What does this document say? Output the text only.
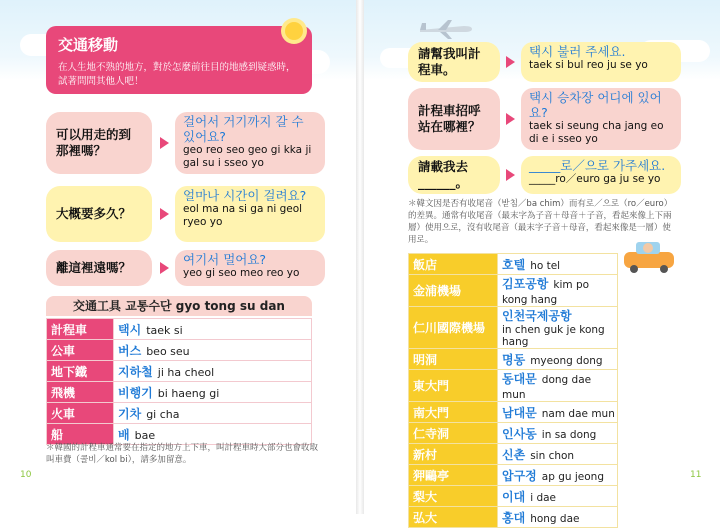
交通移動
在人生地不熟的地方，對於怎麼前往目的地感到疑惑時，試著問問其他人吧！
可以用走的到那裡嗎？
걸어서 거기까지 갈 수 있어요?
geo reo seo geo gi kka ji gal su i sseo yo
大概要多久？
얼마나 시간이 걸려요?
eol ma na si ga ni geol ryeo yo
離這裡遠嗎？
여기서 멀어요?
yeo gi seo meo reo yo
交通工具 교통수단 gyo tong su dan
計程車	택시 taek si
公車	버스 beo seu
地下鐵	지하철 ji ha cheol
飛機	비행기 bi haeng gi
火車	기차 gi cha
船	배 bae
＊韓國的計程車通常要在指定的地方上下車，叫計程車時大部分也會收取叫車費（콜비／kol bi），請多加留意。
10
請幫我叫計程車。
택시 불러 주세요.
taek si bul reo ju se yo
計程車招呼站在哪裡？
택시 승차장 어디에 있어요?
taek si seung cha jang eo di e i sseo yo
請載我去______。
_____로／으로 가주세요.
_____ro／euro ga ju se yo
＊韓文因是否有收尾音（받침／ba chim）而有로／으로（ro／euro）的差異。通常有收尾音（最末字為子音＋母音＋子音，看起來像上下兩層）使用으로，沒有收尾音（最末字子音＋母音，看起來像是一層）使用로。
飯店	호텔 ho tel
金浦機場	김포공항 kim po kong hang
仁川國際機場	인천국제공항
in chen guk je kong hang

明洞	명동 myeong dong
東大門	동대문 dong dae mun
南大門	남대문 nam dae mun
仁寺洞	인사동 in sa dong
新村	신촌 sin chon
狎鷗亭	압구정 ap gu jeong
梨大	이대 i dae
弘大	홍대 hong dae
11
